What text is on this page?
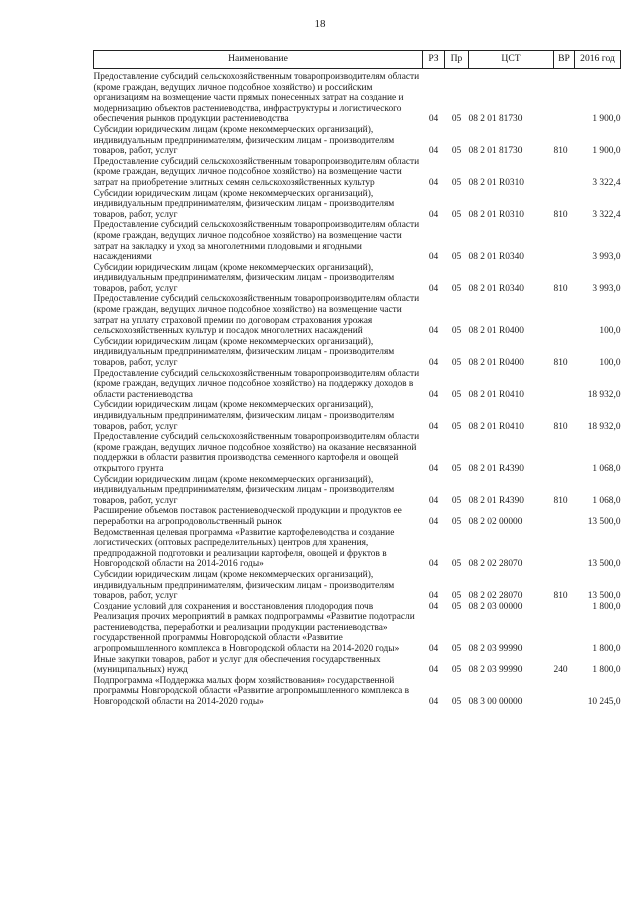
18
Наименование	РЗ	Пр	ЦСТ	ВР	2016 год
Предоставление субсидий сельскохозяйственным товаропроизводителям области (кроме граждан, ведущих личное подсобное хозяйство) и российским организациям на возмещение части прямых понесенных затрат на создание и модернизацию объектов растениеводства, инфраструктуры и логистического обеспечения рынков продукции растениеводства	04	05	08 2 01 81730		1 900,0
Субсидии юридическим лицам (кроме некоммерческих организаций), индивидуальным предпринимателям, физическим лицам - производителям товаров, работ, услуг	04	05	08 2 01 81730	810	1 900,0
Предоставление субсидий сельскохозяйственным товаропроизводителям области (кроме граждан, ведущих личное подсобное хозяйство) на возмещение части затрат на приобретение элитных семян сельскохозяйственных культур	04	05	08 2 01 R0310		3 322,4
Субсидии юридическим лицам (кроме некоммерческих организаций), индивидуальным предпринимателям, физическим лицам - производителям товаров, работ, услуг	04	05	08 2 01 R0310	810	3 322,4
Предоставление субсидий сельскохозяйственным товаропроизводителям области (кроме граждан, ведущих личное подсобное хозяйство) на возмещение части затрат на закладку и уход за многолетними плодовыми и ягодными насаждениями	04	05	08 2 01 R0340		3 993,0
Субсидии юридическим лицам (кроме некоммерческих организаций), индивидуальным предпринимателям, физическим лицам - производителям товаров, работ, услуг	04	05	08 2 01 R0340	810	3 993,0
Предоставление субсидий сельскохозяйственным товаропроизводителям области (кроме граждан, ведущих личное подсобное хозяйство) на возмещение части затрат на уплату страховой премии по договорам страхования урожая сельскохозяйственных культур и посадок многолетних насаждений	04	05	08 2 01 R0400		100,0
Субсидии юридическим лицам (кроме некоммерческих организаций), индивидуальным предпринимателям, физическим лицам - производителям товаров, работ, услуг	04	05	08 2 01 R0400	810	100,0
Предоставление субсидий сельскохозяйственным товаропроизводителям области (кроме граждан, ведущих личное подсобное хозяйство) на поддержку доходов в области растениеводства	04	05	08 2 01 R0410		18 932,0
Субсидии юридическим лицам (кроме некоммерческих организаций), индивидуальным предпринимателям, физическим лицам - производителям товаров, работ, услуг	04	05	08 2 01 R0410	810	18 932,0
Предоставление субсидий сельскохозяйственным товаропроизводителям области (кроме граждан, ведущих личное подсобное хозяйство) на оказание несвязанной поддержки в области развития производства семенного картофеля и овощей открытого грунта	04	05	08 2 01 R4390		1 068,0
Субсидии юридическим лицам (кроме некоммерческих организаций), индивидуальным предпринимателям, физическим лицам - производителям товаров, работ, услуг	04	05	08 2 01 R4390	810	1 068,0
Расширение объемов поставок растениеводческой продукции и продуктов ее переработки на агропродовольственный рынок	04	05	08 2 02 00000		13 500,0
Ведомственная целевая программа «Развитие картофелеводства и создание логистических (оптовых распределительных) центров для хранения, предпродажной подготовки и реализации картофеля, овощей и фруктов в Новгородской области на 2014-2016 годы»	04	05	08 2 02 28070		13 500,0
Субсидии юридическим лицам (кроме некоммерческих организаций), индивидуальным предпринимателям, физическим лицам - производителям товаров, работ, услуг	04	05	08 2 02 28070	810	13 500,0
Создание условий для сохранения и восстановления плодородия почв	04	05	08 2 03 00000		1 800,0
Реализация прочих мероприятий в рамках подпрограммы «Развитие подотрасли растениеводства, переработки и реализации продукции растениеводства» государственной программы Новгородской области «Развитие агропромышленного комплекса в Новгородской области на 2014-2020 годы»	04	05	08 2 03 99990		1 800,0
Иные закупки товаров, работ и услуг для обеспечения государственных (муниципальных) нужд	04	05	08 2 03 99990	240	1 800,0
Подпрограмма «Поддержка малых форм хозяйствования» государственной программы Новгородской области «Развитие агропромышленного комплекса в Новгородской области на 2014-2020 годы»	04	05	08 3 00 00000		10 245,0
